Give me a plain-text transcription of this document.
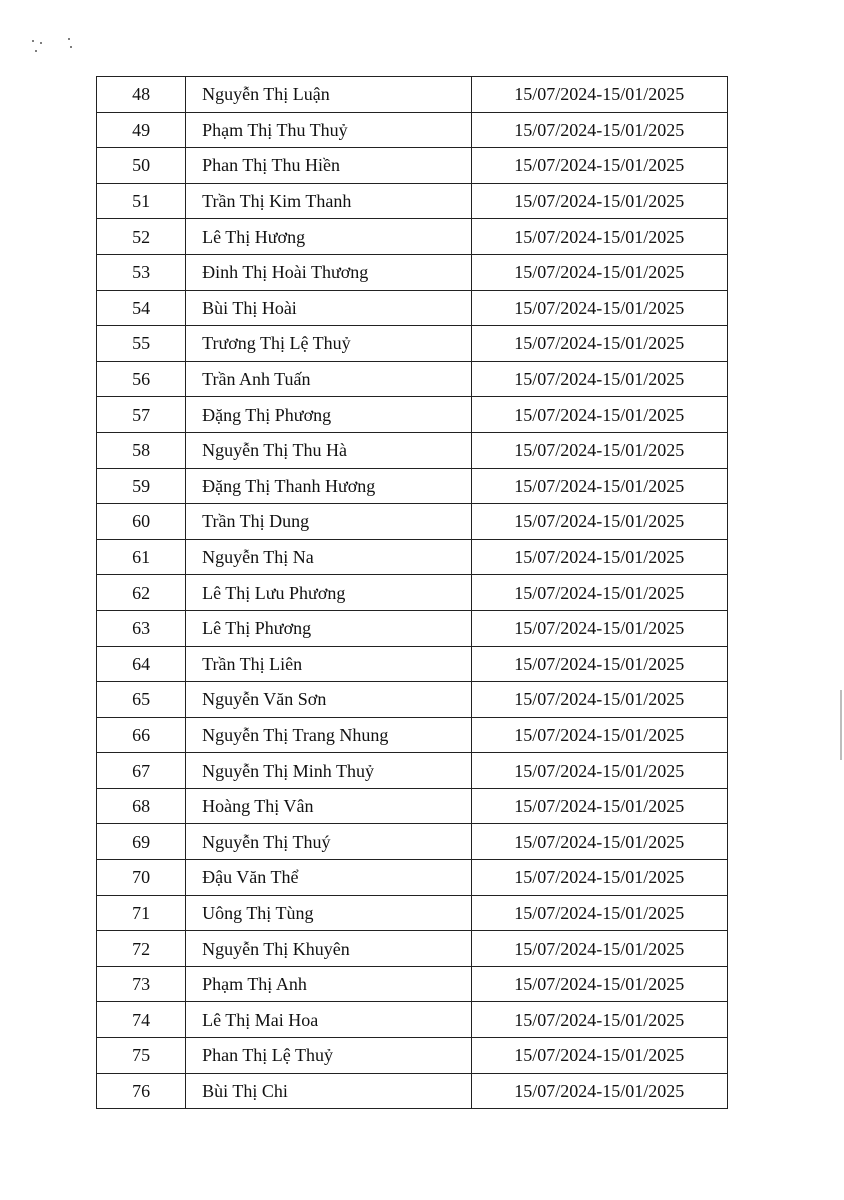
48	Nguyễn Thị Luận	15/07/2024-15/01/2025
49	Phạm Thị Thu Thuỷ	15/07/2024-15/01/2025
50	Phan Thị Thu Hiền	15/07/2024-15/01/2025
51	Trần Thị Kim Thanh	15/07/2024-15/01/2025
52	Lê Thị Hương	15/07/2024-15/01/2025
53	Đinh Thị Hoài Thương	15/07/2024-15/01/2025
54	Bùi Thị Hoài	15/07/2024-15/01/2025
55	Trương Thị Lệ Thuỷ	15/07/2024-15/01/2025
56	Trần Anh Tuấn	15/07/2024-15/01/2025
57	Đặng Thị Phương	15/07/2024-15/01/2025
58	Nguyễn Thị Thu Hà	15/07/2024-15/01/2025
59	Đặng Thị Thanh Hương	15/07/2024-15/01/2025
60	Trần Thị Dung	15/07/2024-15/01/2025
61	Nguyễn Thị Na	15/07/2024-15/01/2025
62	Lê Thị Lưu Phương	15/07/2024-15/01/2025
63	Lê Thị Phương	15/07/2024-15/01/2025
64	Trần Thị Liên	15/07/2024-15/01/2025
65	Nguyễn Văn Sơn	15/07/2024-15/01/2025
66	Nguyễn Thị Trang Nhung	15/07/2024-15/01/2025
67	Nguyễn Thị Minh Thuỷ	15/07/2024-15/01/2025
68	Hoàng Thị Vân	15/07/2024-15/01/2025
69	Nguyễn Thị Thuý	15/07/2024-15/01/2025
70	Đậu Văn Thể	15/07/2024-15/01/2025
71	Uông Thị Tùng	15/07/2024-15/01/2025
72	Nguyễn Thị Khuyên	15/07/2024-15/01/2025
73	Phạm Thị Anh	15/07/2024-15/01/2025
74	Lê Thị Mai Hoa	15/07/2024-15/01/2025
75	Phan Thị Lệ Thuỷ	15/07/2024-15/01/2025
76	Bùi Thị Chi	15/07/2024-15/01/2025
